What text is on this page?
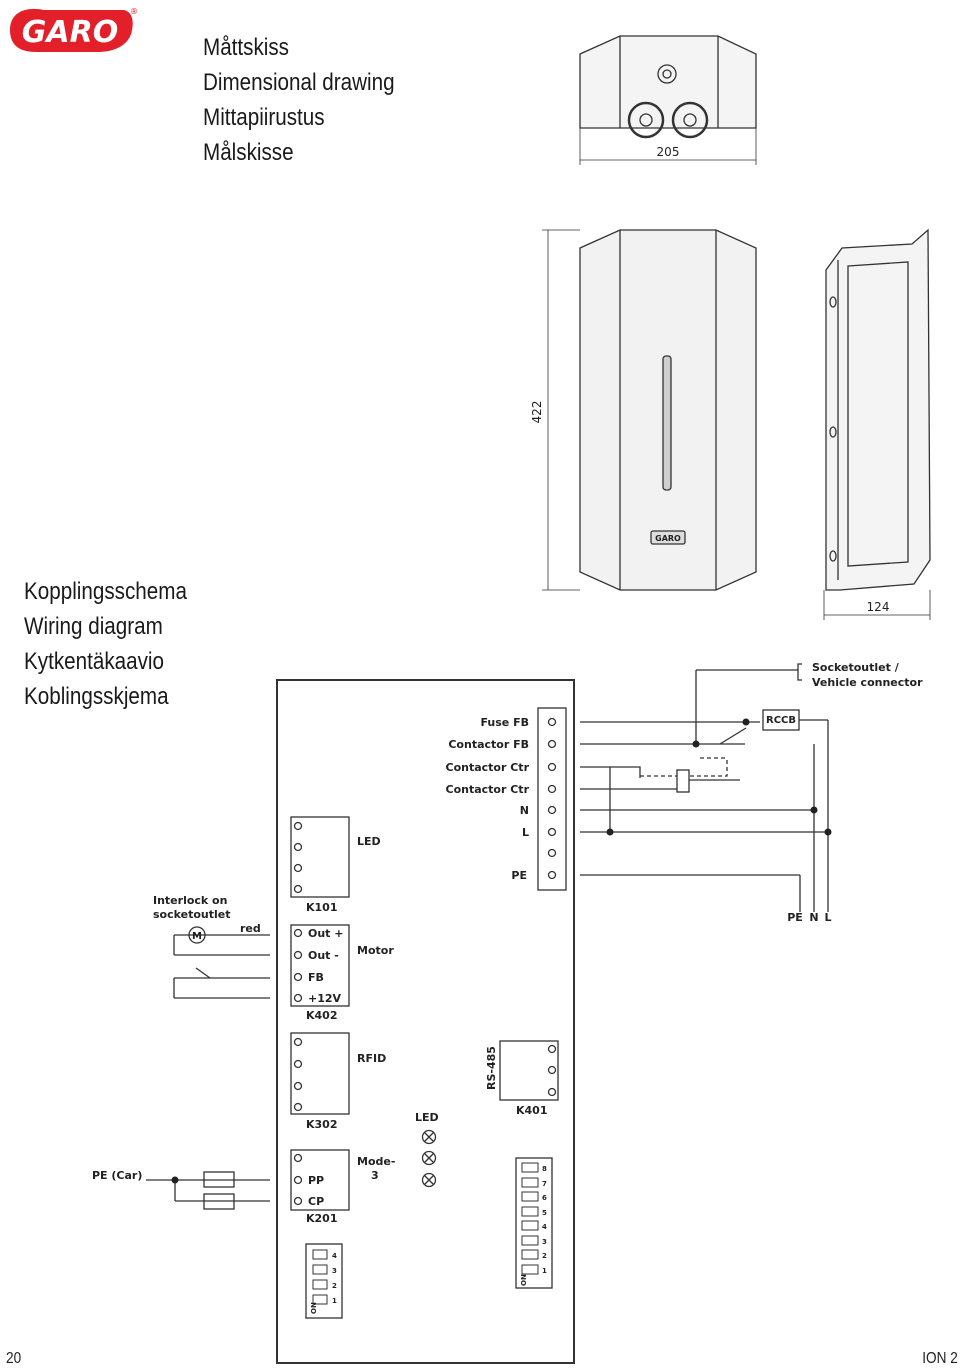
GARO
®
Måttskiss
Dimensional drawing
Mittapiirustus
Målskisse
Kopplingsschema
Wiring diagram
Kytkentäkaavio
Koblingsskjema
205
422
124
GARO
Fuse FB
Contactor FB
Contactor Ctr
Contactor Ctr
N
L
PE
Socketoutlet /
Vehicle connector
RCCB
PE N L
LED
K101
Motor
Out +
Out -
FB
+12V
K402
RFID
K302
Mode-
3
PP
CP
K201
RS-485
K401
LED
Interlock on
socketoutlet
red
M
PE (Car)
4
3
2
1
ON
8
7
6
5
4
3
2
1
ON
20	ION 2
